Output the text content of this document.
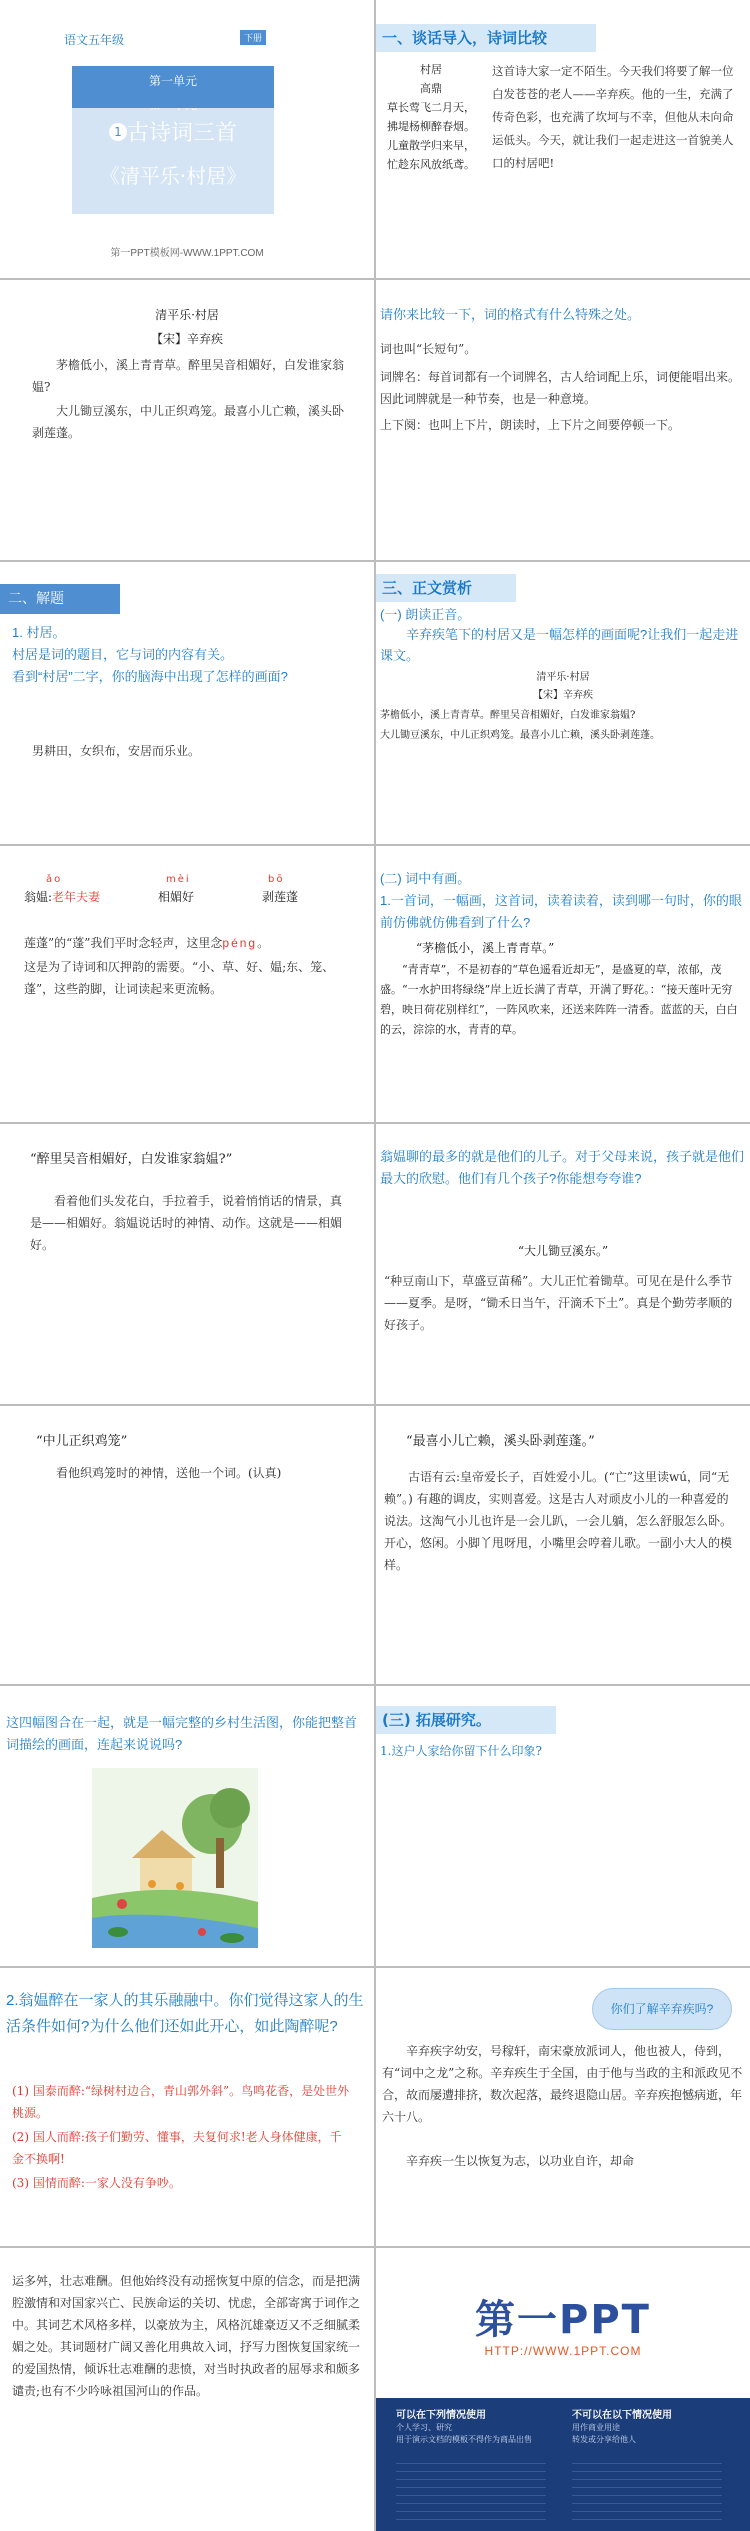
语文五年级	下册
1 古诗词三首
《清平乐·村居》
第一单元
第一PPT模板网-WWW.1PPT.COM
一、谈话导入，诗词比较
村居
高鼎
草长莺飞二月天，
拂堤杨柳醉春烟。
儿童散学归来早，
忙趁东风放纸鸢。
这首诗大家一定不陌生。今天我们将要了解一位白发苍苍的老人——辛弃疾。他的一生，充满了传奇色彩，也充满了坎坷与不幸，但他从未向命运低头。今天，就让我们一起走进这一首貌美人口的村居吧!
清平乐·村居
【宋】辛弃疾
茅檐低小，溪上青青草。醉里吴音相媚好，白发谁家翁媪?
大儿锄豆溪东，中儿正织鸡笼。最喜小儿亡赖，溪头卧剥莲蓬。
请你来比较一下，词的格式有什么特殊之处。
词也叫“长短句”。
词牌名：每首词都有一个词牌名，古人给词配上乐，词便能唱出来。因此词牌就是一种节奏，也是一种意境。
上下阕：也叫上下片，朗读时，上下片之间要停顿一下。
二、解题
1. 村居。
村居是词的题目，它与词的内容有关。
看到“村居”二字，你的脑海中出现了怎样的画面?
男耕田，女织布，安居而乐业。
三、正文赏析
(一) 朗读正音。
辛弃疾笔下的村居又是一幅怎样的画面呢?让我们一起走进课文。
清平乐·村居
【宋】辛弃疾
茅檐低小，溪上青青草。醉里吴音相媚好，白发谁家翁媪?
大儿锄豆溪东，中儿正织鸡笼。最喜小儿亡赖，溪头卧剥莲蓬。
ǎo	mèi	bō
翁媪:老年夫妻	相媚好	剥莲蓬
莲蓬”的“蓬”我们平时念轻声，这里念pénɡ。
这是为了诗词和仄押韵的需要。“小、草、好、媪;东、笼、蓬”，这些韵脚，让词读起来更流畅。
(二) 词中有画。
1.一首词，一幅画，这首词，读着读着，读到哪一句时，你的眼前仿佛就仿佛看到了什么?
“茅檐低小，溪上青青草。”
“青青草”，不是初春的“草色遥看近却无”，是盛夏的草，浓郁，茂盛。“一水护田将绿绕”岸上近长满了青草，开满了野花。：“接天莲叶无穷碧，映日荷花别样红”，一阵风吹来，还送来阵阵一清香。蓝蓝的天，白白的云，淙淙的水，青青的草。
“醉里吴音相媚好，白发谁家翁媪?”
看着他们头发花白，手拉着手，说着悄悄话的情景，真是——相媚好。翁媪说话时的神情、动作。这就是——相媚好。
翁媪聊的最多的就是他们的儿子。对于父母来说，孩子就是他们最大的欣慰。他们有几个孩子?你能想夸夸谁?
“大儿锄豆溪东。”
“种豆南山下，草盛豆苗稀”。大儿正忙着锄草。可见在是什么季节——夏季。是呀，“锄禾日当午，汗滴禾下土”。真是个勤劳孝顺的好孩子。
“中儿正织鸡笼”
看他织鸡笼时的神情，送他一个词。(认真)
“最喜小儿亡赖，溪头卧剥莲蓬。”
古语有云:皇帝爱长子，百姓爱小儿。(“亡”这里读wú，同“无赖”。) 有趣的调皮，实则喜爱。这是古人对顽皮小儿的一种喜爱的说法。这淘气小儿也许是一会儿趴，一会儿躺，怎么舒服怎么卧。开心，悠闲。小脚丫甩呀甩，小嘴里会哼着儿歌。一副小大人的模样。
这四幅图合在一起，就是一幅完整的乡村生活图，你能把整首词描绘的画面，连起来说说吗?
(三) 拓展研究。
1.这户人家给你留下什么印象?
2.翁媪醉在一家人的其乐融融中。你们觉得这家人的生活条件如何?为什么他们还如此开心，如此陶醉呢?
(1) 国泰而醉:“绿树村边合，青山郭外斜”。鸟鸣花香，是处世外桃源。
(2) 国人而醉:孩子们勤劳、懂事，夫复何求!老人身体健康，千金不换啊!
(3) 国情而醉:一家人没有争吵。
你们了解辛弃疾吗?
辛弃疾字幼安，号稼轩，南宋豪放派词人，他也被人，侍到，有“词中之龙”之称。辛弃疾生于全国，由于他与当政的主和派政见不合，故而屡遭排挤，数次起落，最终退隐山居。辛弃疾抱憾病逝，年六十八。
辛弃疾一生以恢复为志，以功业自许，却命
运多舛，壮志难酬。但他始终没有动摇恢复中原的信念，而是把满腔激情和对国家兴亡、民族命运的关切、忧虑，全部寄寓于词作之中。其词艺术风格多样，以豪放为主，风格沉雄豪迈又不乏细腻柔媚之处。其词题材广阔又善化用典故入词，抒写力图恢复国家统一的爱国热情，倾诉壮志难酬的悲愤，对当时执政者的屈辱求和颇多谴责;也有不少吟咏祖国河山的作品。
第一PPT
HTTP://WWW.1PPT.COM
可以在下列情况使用	不可以在以下情况使用
个人学习、研究
用于演示文档的模板不得作为商品出售
用作商业用途
转发或分享给他人
